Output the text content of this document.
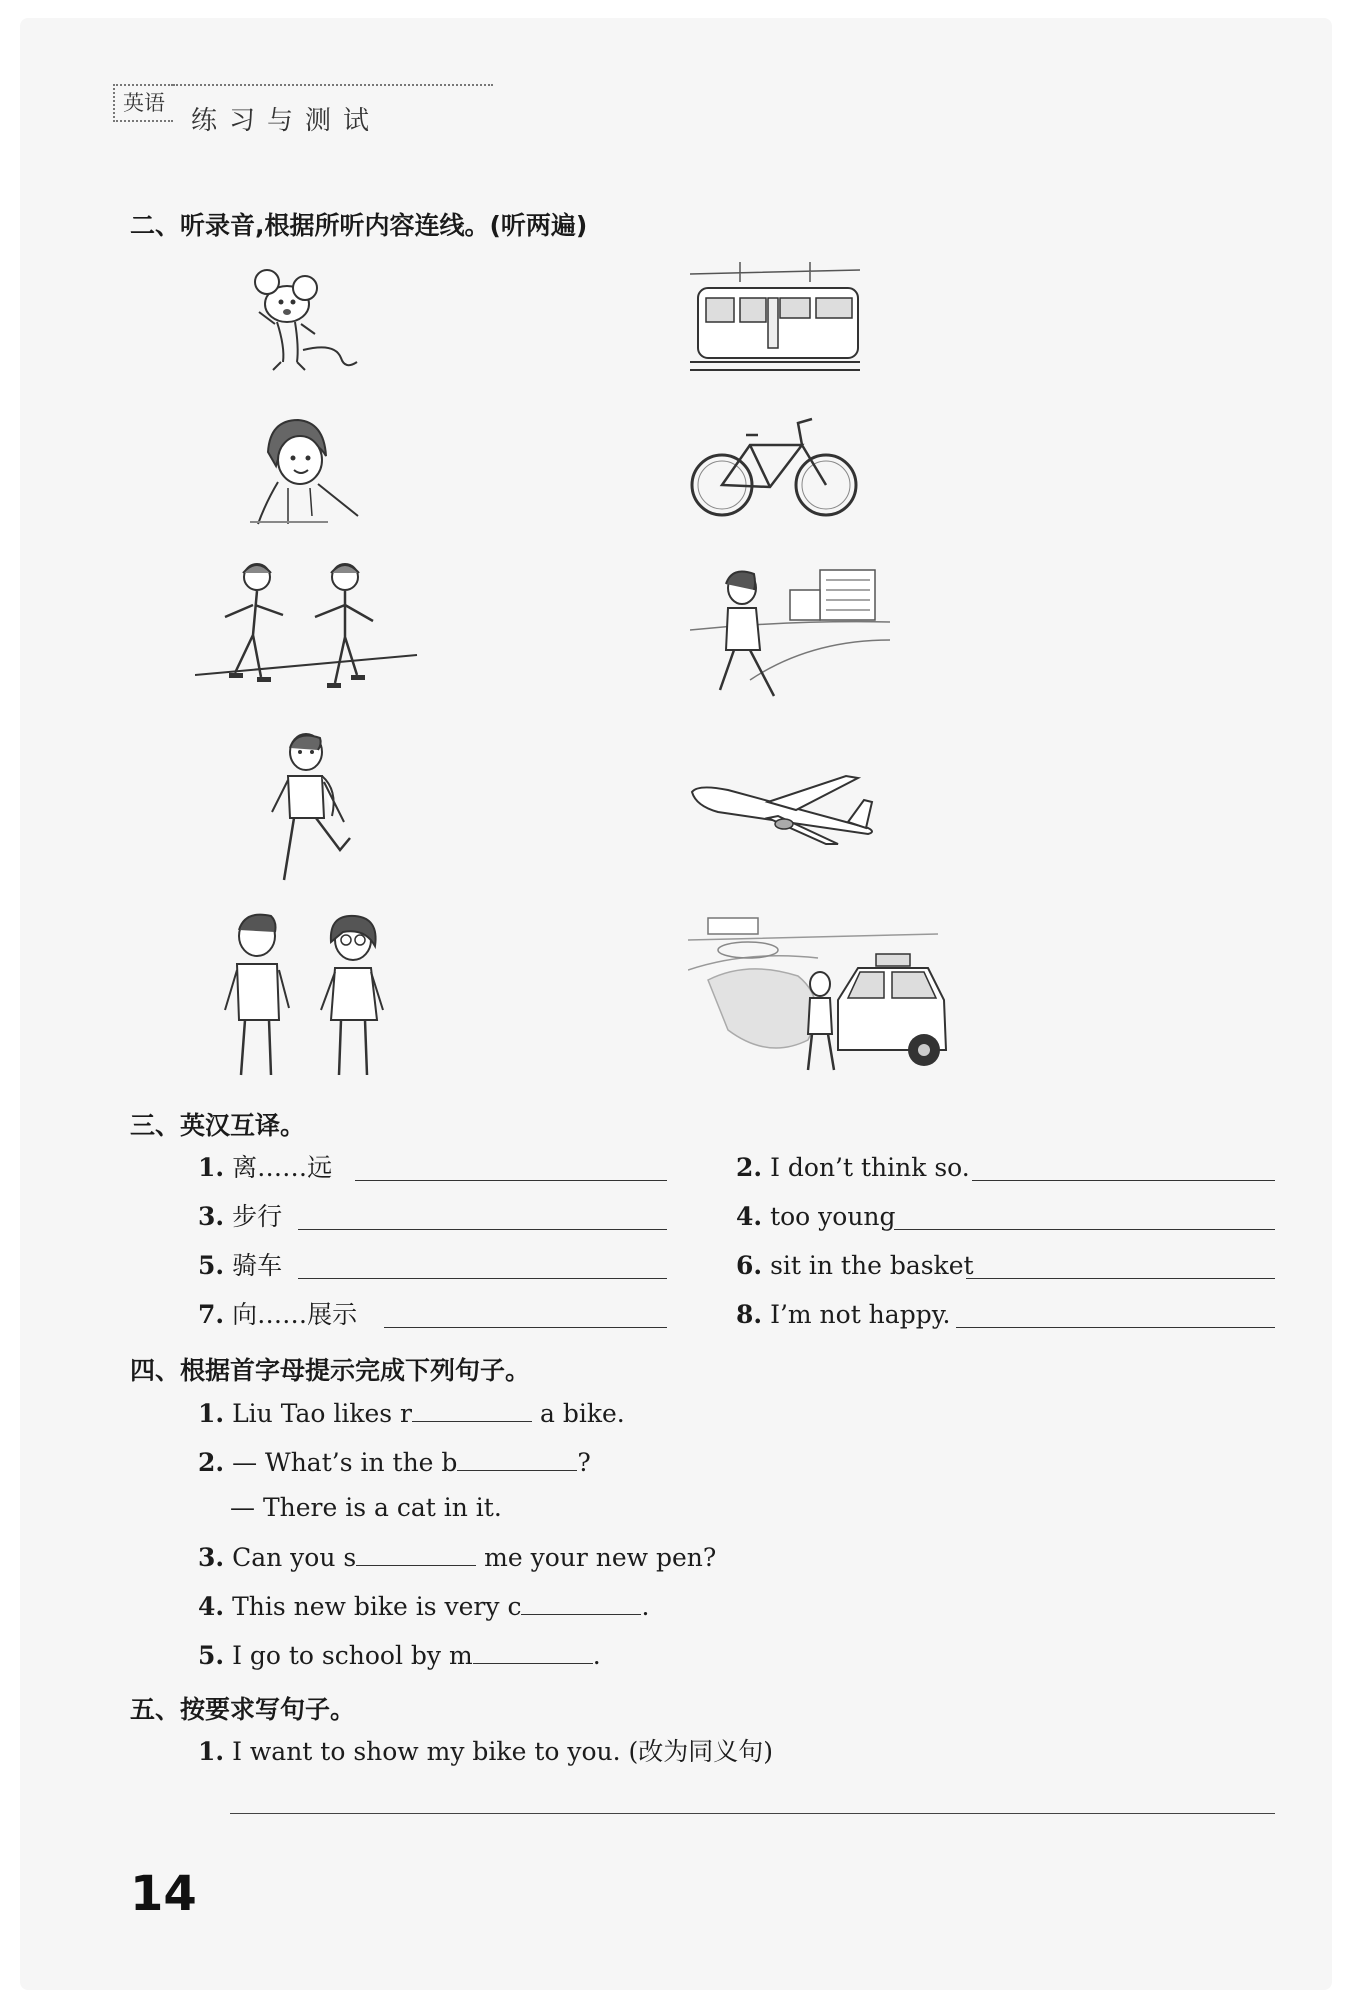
英语
练习与测试
二、听录音,根据所听内容连线。(听两遍)
三、英汉互译。
1. 离……远	2. I don’t think so.
3. 步行	4. too young
5. 骑车	6. sit in the basket
7. 向……展示	8. I’m not happy.
四、根据首字母提示完成下列句子。
1. Liu Tao likes r	a bike.
2. — What’s in the b	?
— There is a cat in it.
3. Can you s	me your new pen?
4. This new bike is very c	.
5. I go to school by m	.
五、按要求写句子。
1. I want to show my bike to you. (改为同义句)
14
